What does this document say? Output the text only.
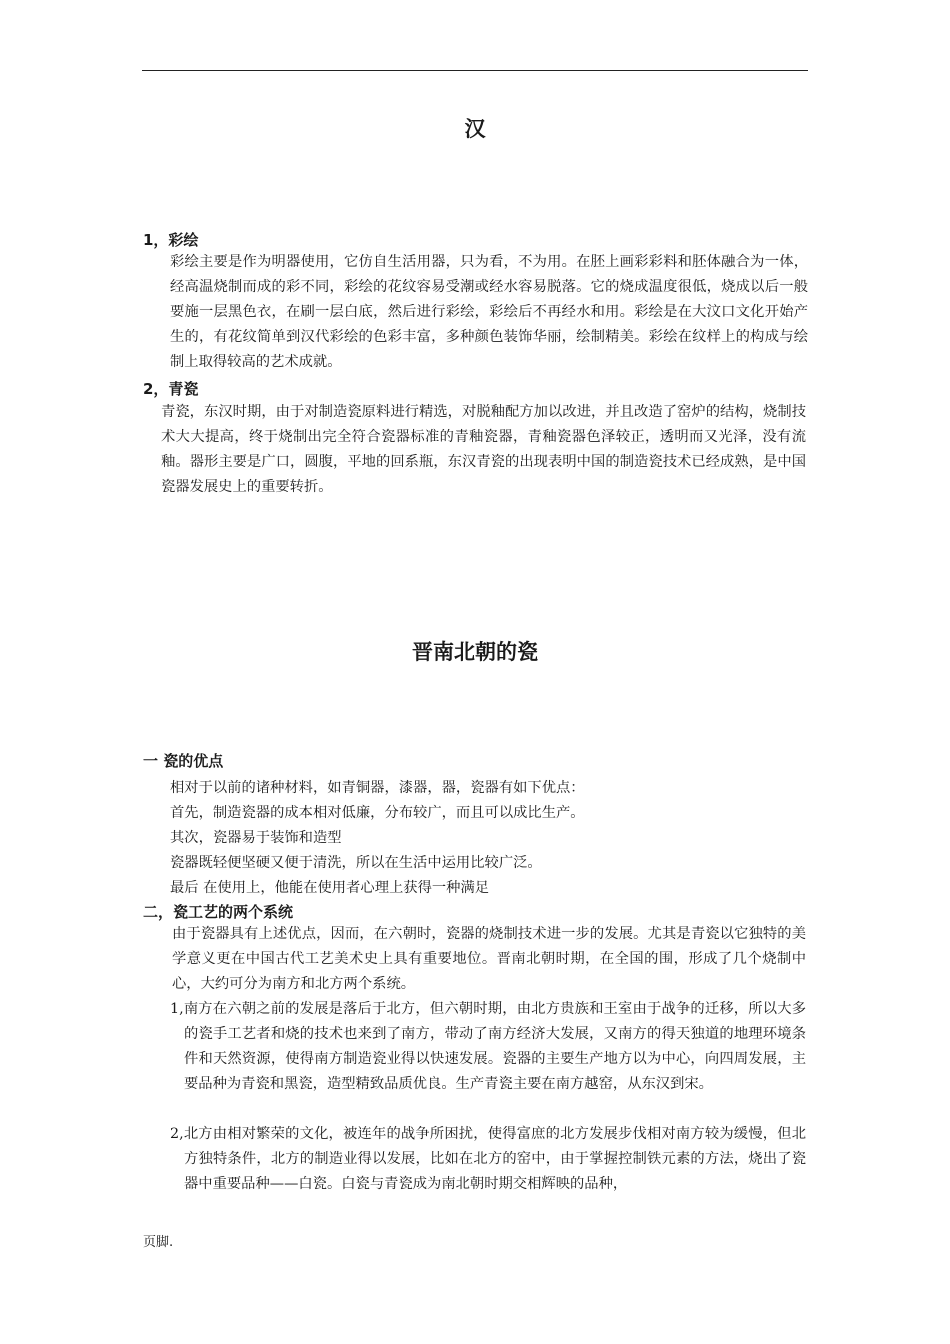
汉
1，彩绘
彩绘主要是作为明器使用，它仿自生活用器，只为看，不为用。在胚上画彩彩料和胚体融合为一体，经高温烧制而成的彩不同，彩绘的花纹容易受潮或经水容易脱落。它的烧成温度很低，烧成以后一般要施一层黑色衣，在刷一层白底，然后进行彩绘，彩绘后不再经水和用。彩绘是在大汶口文化开始产生的，有花纹简单到汉代彩绘的色彩丰富，多种颜色装饰华丽，绘制精美。彩绘在纹样上的构成与绘制上取得较高的艺术成就。
2，青瓷
青瓷，东汉时期，由于对制造瓷原料进行精选，对脱釉配方加以改进，并且改造了窑炉的结构，烧制技术大大提高，终于烧制出完全符合瓷器标准的青釉瓷器，青釉瓷器色泽较正，透明而又光泽，没有流釉。器形主要是广口，圆腹，平地的回系瓶，东汉青瓷的出现表明中国的制造瓷技术已经成熟，是中国瓷器发展史上的重要转折。
晋南北朝的瓷
一 瓷的优点
相对于以前的诸种材料，如青铜器，漆器，器，瓷器有如下优点：
首先，制造瓷器的成本相对低廉，分布较广，而且可以成比生产。
其次，瓷器易于装饰和造型
瓷器既轻便坚硬又便于清洗，所以在生活中运用比较广泛。
最后 在使用上，他能在使用者心理上获得一种满足
二，瓷工艺的两个系统
由于瓷器具有上述优点，因而，在六朝时，瓷器的烧制技术进一步的发展。尤其是青瓷以它独特的美学意义更在中国古代工艺美术史上具有重要地位。晋南北朝时期，在全国的围，形成了几个烧制中心，大约可分为南方和北方两个系统。
1,南方在六朝之前的发展是落后于北方，但六朝时期，由北方贵族和王室由于战争的迁移，所以大多的瓷手工艺者和烧的技术也来到了南方，带动了南方经济大发展，又南方的得天独道的地理环境条件和天然资源，使得南方制造瓷业得以快速发展。瓷器的主要生产地方以为中心，向四周发展，主要品种为青瓷和黑瓷，造型精致品质优良。生产青瓷主要在南方越窑，从东汉到宋。
2,北方由相对繁荣的文化，被连年的战争所困扰，使得富庶的北方发展步伐相对南方较为缓慢，但北方独特条件，北方的制造业得以发展，比如在北方的窑中，由于掌握控制铁元素的方法，烧出了瓷器中重要品种——白瓷。白瓷与青瓷成为南北朝时期交相辉映的品种，
页脚.
